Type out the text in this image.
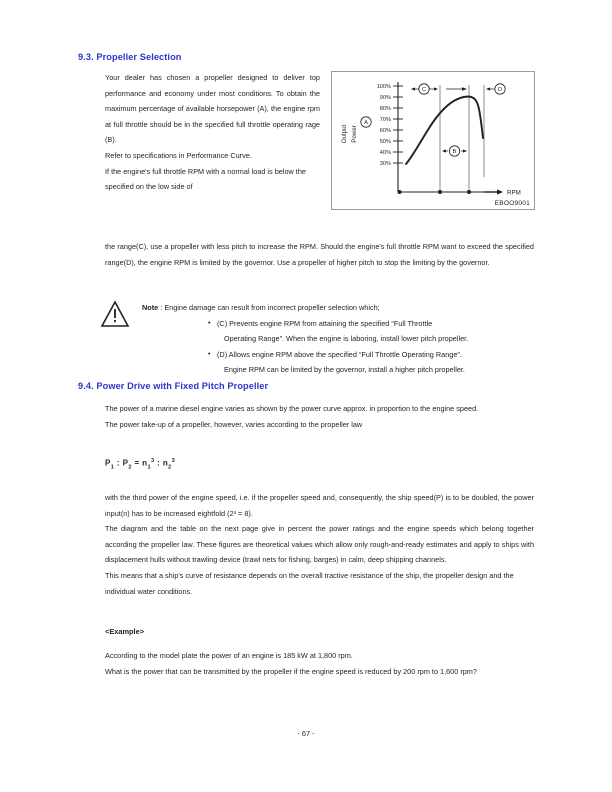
9.3. Propeller Selection

Your dealer has chosen a propeller designed to deliver top performance and economy under most conditions. To obtain the maximum percentage of available horsepower (A), the engine rpm at full throttle should be in the specified full throttle operating rage (B).

Refer to specifications in Performance Curve.

If the engine's full throttle RPM with a normal load is below the specified on the low side of

100%
90%
80%
70%
60%
50%
40%
30%
Output Power
A
C	D
B
RPM
EBOO9001

the range(C), use a propeller with less pitch to increase the RPM. Should the engine's full throttle RPM want to exceed the specified range(D), the engine RPM is limited by the governor. Use a propeller of higher pitch to stop the limiting by the governor.

Note : Engine damage can result from incorrect propeller selection which;

• (C) Prevents engine RPM from attaining the specified “Full Throttle
Operating Range”. When the engine is laboring, install lower pitch propeller.
• (D) Allows engine RPM above the specified “Full Throttle Operating Range”.
Engine RPM can be limited by the governor, install a higher pitch propeller.
9.4. Power Drive with Fixed Pitch Propeller

The power of a marine diesel engine varies as shown by the power curve approx. in proportion to the engine speed.

The power take-up of a propeller, however, varies according to the propeller law

$P_1$ : $P_2 = n_1^3$ : $n_2^3$

with the third power of the engine speed, i.e. if the propeller speed and, consequently, the ship speed(P) is to be doubled, the power input(n) has to be increased eightfold (2³ = 8).

The diagram and the table on the next page give in percent the power ratings and the engine speeds which belong together according the propeller law. These figures are theoretical values which allow only rough-and-ready estimates and apply to ships with displacement hulls without trawling device (trawl nets for fishing, barges) in calm, deep shipping channels.

This means that a ship's curve of resistance depends on the overall tractive resistance of the ship, the propeller design and the individual water conditions.

<Example>

According to the model plate the power of an engine is 185 kW at 1,800 rpm.

What is the power that can be transmitted by the propeller if the engine speed is reduced by 200 rpm to 1,600 rpm?

- 67 -
